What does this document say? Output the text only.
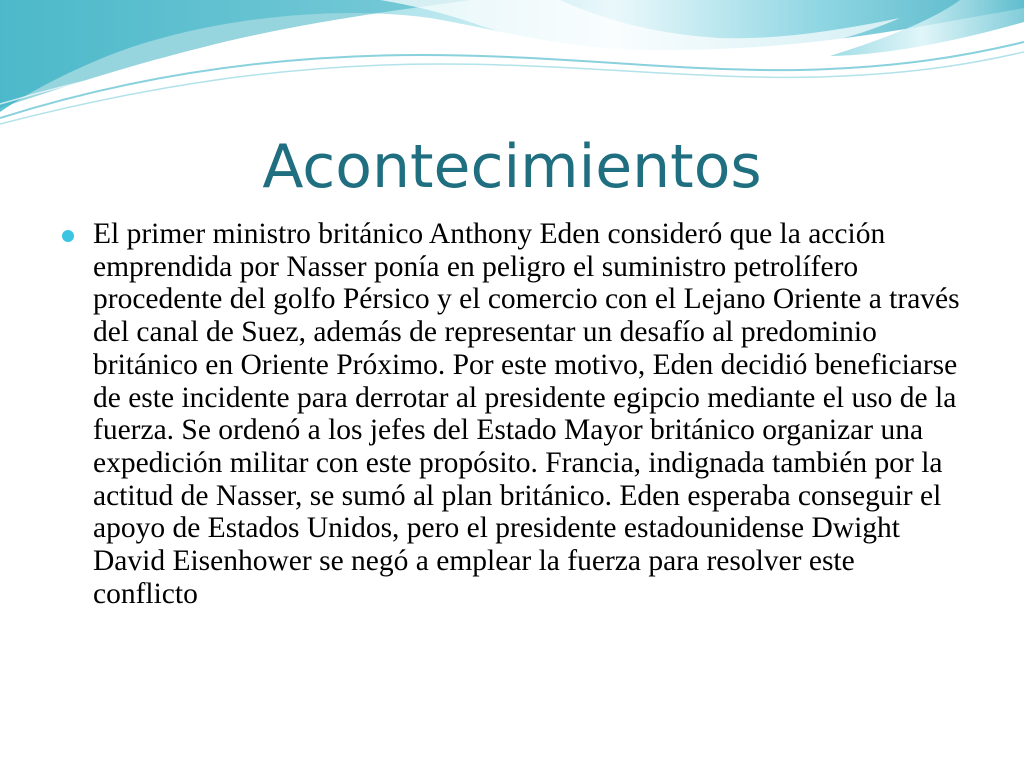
Acontecimientos

El primer ministro británico Anthony Eden consideró que la acción emprendida por Nasser ponía en peligro el suministro petrolífero procedente del golfo Pérsico y el comercio con el Lejano Oriente a través del canal de Suez, además de representar un desafío al predominio británico en Oriente Próximo. Por este motivo, Eden decidió beneficiarse de este incidente para derrotar al presidente egipcio mediante el uso de la fuerza. Se ordenó a los jefes del Estado Mayor británico organizar una expedición militar con este propósito. Francia, indignada también por la actitud de Nasser, se sumó al plan británico. Eden esperaba conseguir el apoyo de Estados Unidos, pero el presidente estadounidense Dwight David Eisenhower se negó a emplear la fuerza para resolver este conflicto
